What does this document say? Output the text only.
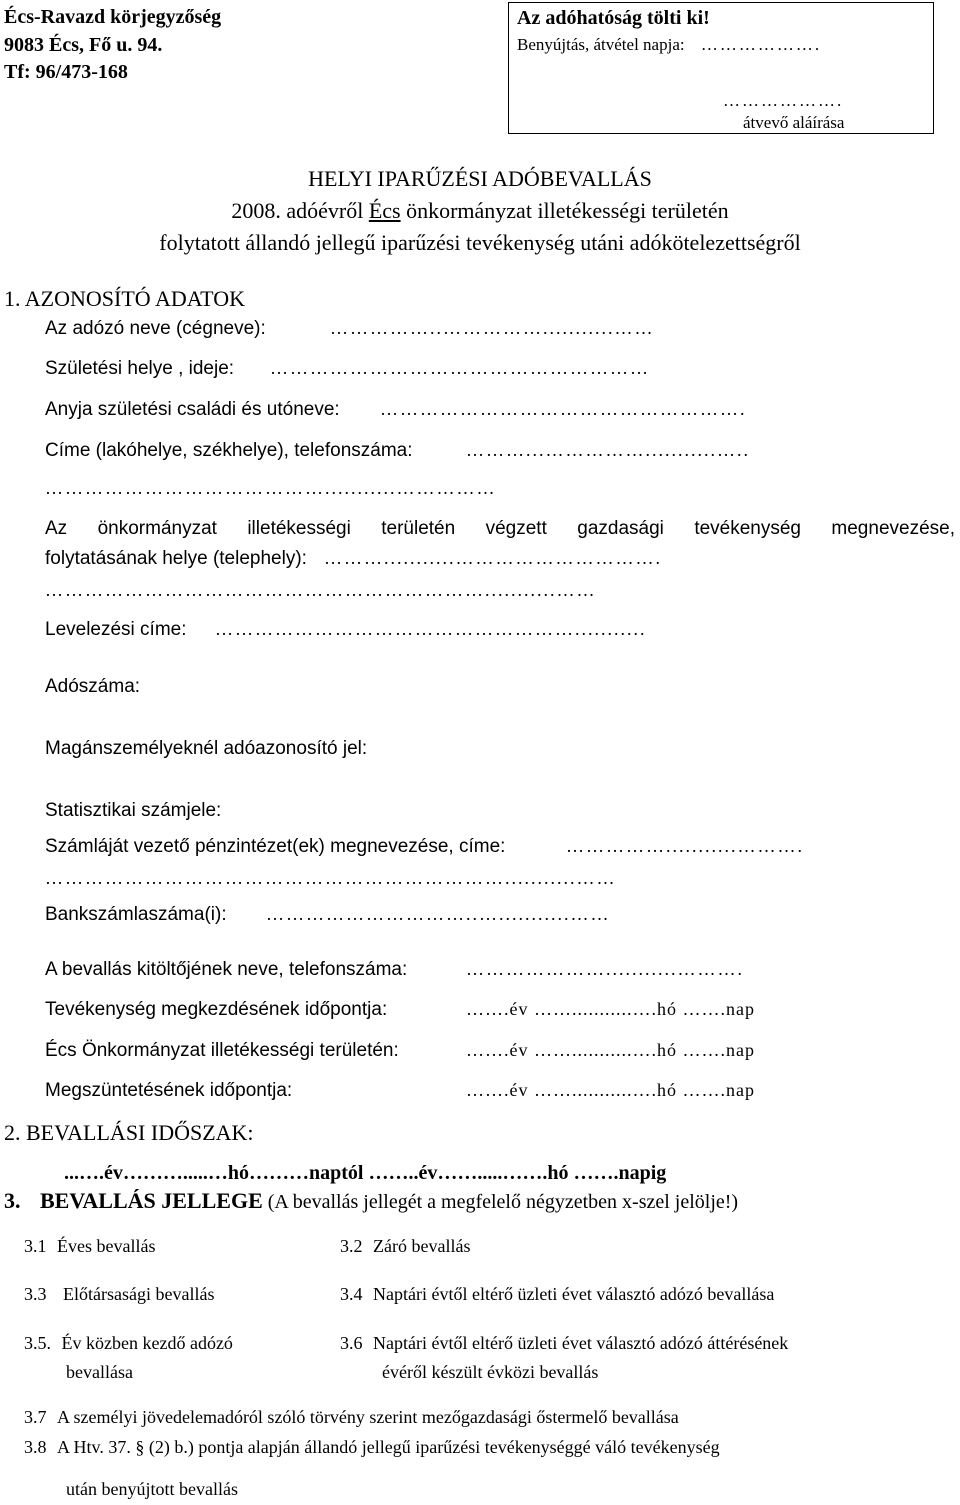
Écs-Ravazd körjegyzőség
9083 Écs, Fő u. 94.
Tf: 96/473-168
Az adóhatóság tölti ki!
Benyújtás, átvétel napja: ……………….
……………….
átvevő aláírása
HELYI IPARŰZÉSI ADÓBEVALLÁS
2008. adóévről Écs önkormányzat illetékességi területén
folytatott állandó jellegű iparűzési tevékenység utáni adókötelezettségről
1. AZONOSÍTÓ ADATOK
Az adózó neve (cégneve):	……………..……………...........……
Születési helye , ideje: …………………………………………………
Anyja születési családi és utóneve: ……………………………………………….
Címe (lakóhelye, székhelye), telefonszáma:	………...……………...........…..
……………………………………...........……………
Az önkormányzat illetékességi területén végzett gazdasági tevékenység megnevezése,
folytatásának helye (telephely): ………...........………………………….
…………………………………………………………...........……
Levelezési címe: ………………………………………………...........
Adószáma:
Magánszemélyeknél adóazonosító jel:
Statisztikai számjele:
Számláját vezető pénzintézet(ek) megnevezése, címe:	……………...........……….
……………………………………………………………...........……
Bankszámlaszáma(i): …………………………..…...........……
A bevallás kitöltőjének neve, telefonszáma:	…………………...........……….
Tevékenység megkezdésének időpontja:	…….év ……...........….hó …….nap
Écs Önkormányzat illetékességi területén:	…….év ……...........….hó …….nap
Megszüntetésének időpontja:	…….év ……...........….hó …….nap
2. BEVALLÁSI IDŐSZAK:
...….év……….....…hó………naptól ……..év…….....…….hó …….napig
3. BEVALLÁS JELLEGE (A bevallás jellegét a megfelelő négyzetben x-szel jelölje!)
3.1 Éves bevallás	3.2 Záró bevallás
3.3 Előtársasági bevallás	3.4 Naptári évtől eltérő üzleti évet választó adózó bevallása
3.5. Év közben kezdő adózó
bevallása
3.6 Naptári évtől eltérő üzleti évet választó adózó áttérésének
évéről készült évközi bevallás
3.7 A személyi jövedelemadóról szóló törvény szerint mezőgazdasági őstermelő bevallása
3.8 A Htv. 37. § (2) b.) pontja alapján állandó jellegű iparűzési tevékenységgé váló tevékenység
után benyújtott bevallás
